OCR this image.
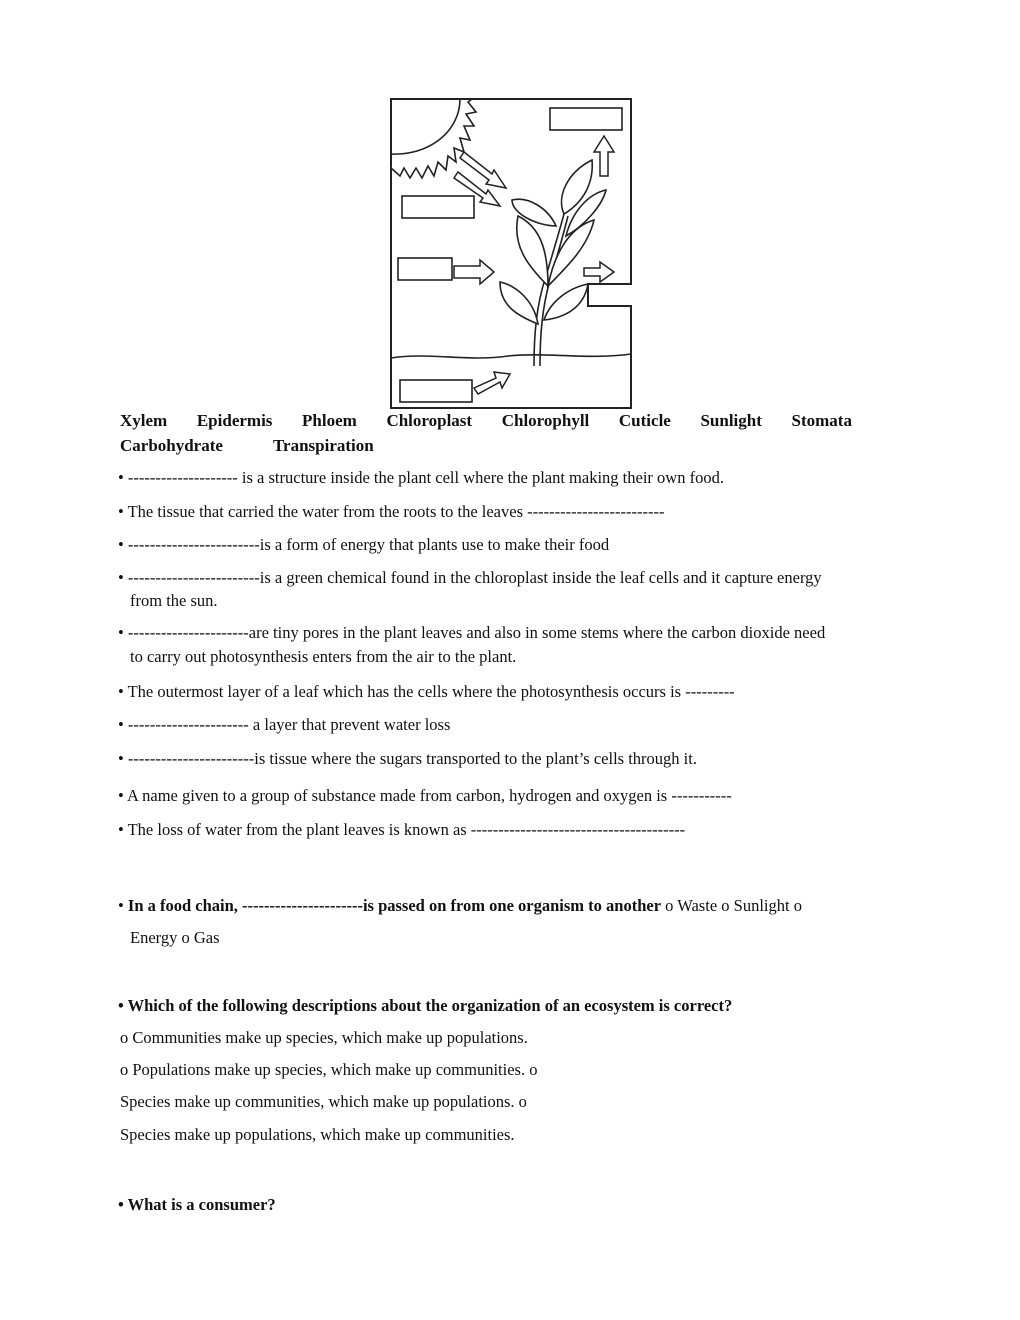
Xylem Epidermis Phloem Chloroplast Chlorophyll Cuticle Sunlight Stomata
Carbohydrate	Transpiration
• -------------------- is a structure inside the plant cell where the plant making their own food.
• The tissue that carried the water from the roots to the leaves -------------------------
• ------------------------is a form of energy that plants use to make their food
• ------------------------is a green chemical found in the chloroplast inside the leaf cells and it capture energy
from the sun.
• ----------------------are tiny pores in the plant leaves and also in some stems where the carbon dioxide need
to carry out photosynthesis enters from the air to the plant.
• The outermost layer of a leaf which has the cells where the photosynthesis occurs is ---------
• ---------------------- a layer that prevent water loss
• -----------------------is tissue where the sugars transported to the plant’s cells through it.
• A name given to a group of substance made from carbon, hydrogen and oxygen is -----------
• The loss of water from the plant leaves is known as ---------------------------------------
• In a food chain, ----------------------is passed on from one organism to another o Waste o Sunlight o
Energy o Gas
• Which of the following descriptions about the organization of an ecosystem is correct?
o Communities make up species, which make up populations.
o Populations make up species, which make up communities. o
Species make up communities, which make up populations. o
Species make up populations, which make up communities.
• What is a consumer?
